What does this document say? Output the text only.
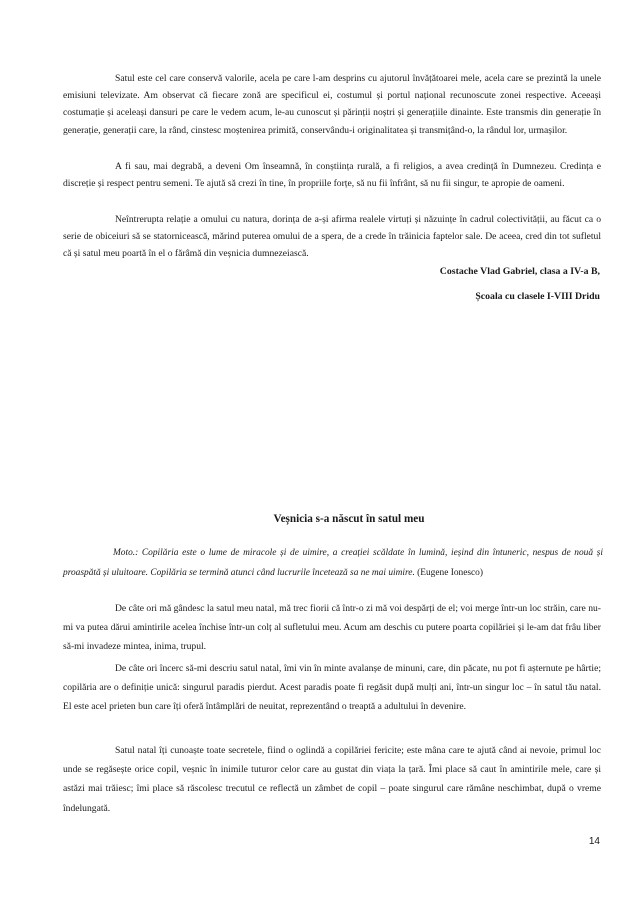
Satul este cel care conservă valorile, acela pe care l-am desprins cu ajutorul învățătoarei mele, acela care se prezintă la unele emisiuni televizate. Am observat că fiecare zonă are specificul ei, costumul și portul național recunoscute zonei respective. Aceeași costumație și aceleași dansuri pe care le vedem acum, le-au cunoscut și părinții noștri și generațiile dinainte. Este transmis din generație în generație, generații care, la rând, cinstesc moștenirea primită, conservându-i originalitatea și transmițând-o, la rândul lor, urmașilor.

A fi sau, mai degrabă, a deveni Om înseamnă, în conștiința rurală, a fi religios, a avea credință în Dumnezeu. Credința e discreție și respect pentru semeni. Te ajută să crezi în tine, în propriile forțe, să nu fii înfrânt, să nu fii singur, te apropie de oameni.

Neîntrerupta relație a omului cu natura, dorința de a-și afirma realele virtuți și năzuințe în cadrul colectivității, au făcut ca o serie de obiceiuri să se statornicească, mărind puterea omului de a spera, de a crede în trăinicia faptelor sale. De aceea, cred din tot sufletul că și satul meu poartă în el o fărâmă din veșnicia dumnezeiască.

Costache Vlad Gabriel, clasa a IV-a B,

Școala cu clasele I-VIII Dridu

Veșnicia s-a născut în satul meu

Moto.: Copilăria este o lume de miracole și de uimire, a creației scăldate în lumină, ieșind din întuneric, nespus de nouă și proaspătă și uluitoare. Copilăria se termină atunci când lucrurile încetează sa ne mai uimire. (Eugene Ionesco)

De câte ori mă gândesc la satul meu natal, mă trec fiorii că într-o zi mă voi despărți de el; voi merge într-un loc străin, care nu-mi va putea dărui amintirile acelea închise într-un colț al sufletului meu. Acum am deschis cu putere poarta copilăriei și le-am dat frâu liber să-mi invadeze mintea, inima, trupul.

De câte ori încerc să-mi descriu satul natal, îmi vin în minte avalanșe de minuni, care, din păcate, nu pot fi așternute pe hârtie; copilăria are o definiție unică: singurul paradis pierdut. Acest paradis poate fi regăsit după mulți ani, într-un singur loc – în satul tău natal. El este acel prieten bun care îți oferă întâmplări de neuitat, reprezentând o treaptă a adultului în devenire.

Satul natal îți cunoaște toate secretele, fiind o oglindă a copilăriei fericite; este mâna care te ajută când ai nevoie, primul loc unde se regăsește orice copil, veșnic în inimile tuturor celor care au gustat din viața la țară. Îmi place să caut în amintirile mele, care și astăzi mai trăiesc; îmi place să răscolesc trecutul ce reflectă un zâmbet de copil – poate singurul care rămâne neschimbat, după o vreme îndelungată.

14
